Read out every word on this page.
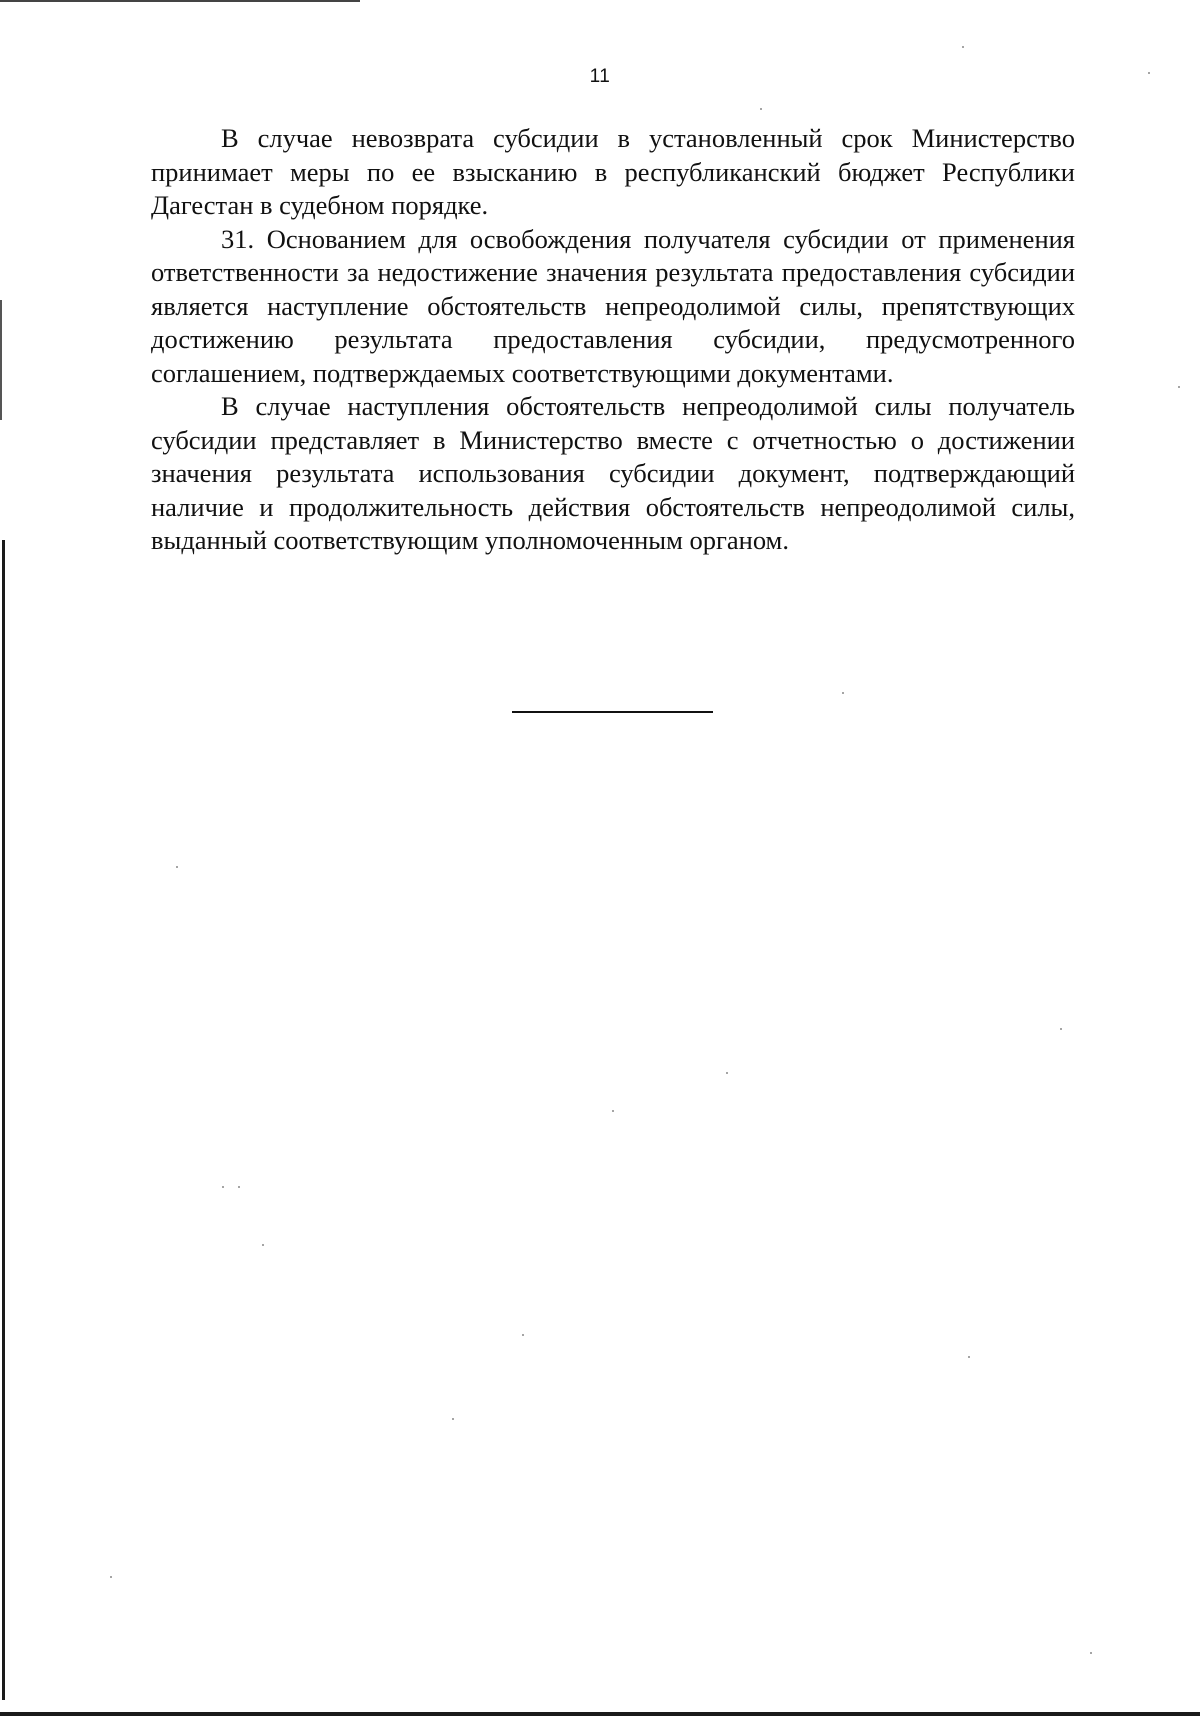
11

В случае невозврата субсидии в установленный срок Министерство принимает меры по ее взысканию в республиканский бюджет Республики Дагестан в судебном порядке.

31. Основанием для освобождения получателя субсидии от применения ответственности за недостижение значения результата предоставления субсидии является наступление обстоятельств непреодолимой силы, препятствующих достижению результата предоставления субсидии, предусмотренного соглашением, подтверждаемых соответствующими документами.

В случае наступления обстоятельств непреодолимой силы получатель субсидии представляет в Министерство вместе с отчетностью о достижении значения результата использования субсидии документ, подтверждающий наличие и продолжительность действия обстоятельств непреодолимой силы, выданный соответствующим уполномоченным органом.
